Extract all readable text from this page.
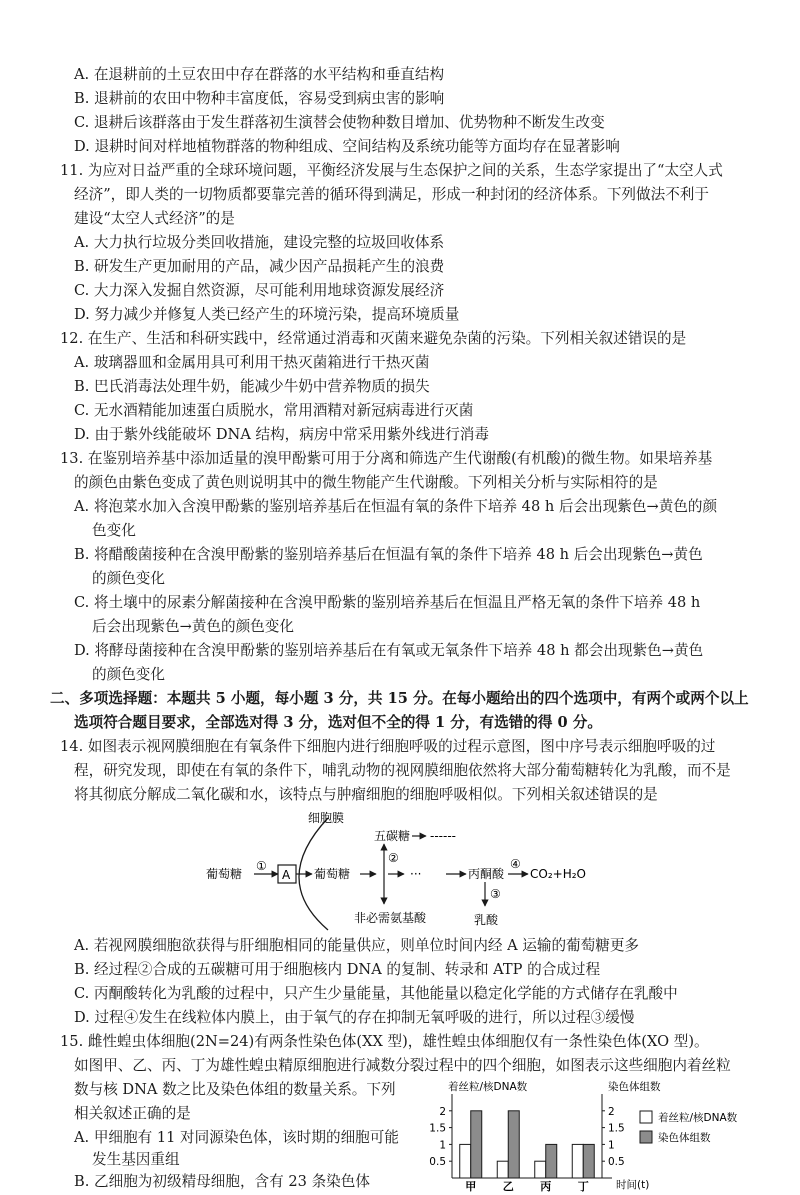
A. 在退耕前的土豆农田中存在群落的水平结构和垂直结构
B. 退耕前的农田中物种丰富度低，容易受到病虫害的影响
C. 退耕后该群落由于发生群落初生演替会使物种数目增加、优势物种不断发生改变
D. 退耕时间对样地植物群落的物种组成、空间结构及系统功能等方面均存在显著影响
11. 为应对日益严重的全球环境问题，平衡经济发展与生态保护之间的关系，生态学家提出了“太空人式
经济”，即人类的一切物质都要靠完善的循环得到满足，形成一种封闭的经济体系。下列做法不利于
建设“太空人式经济”的是
A. 大力执行垃圾分类回收措施，建设完整的垃圾回收体系
B. 研发生产更加耐用的产品，减少因产品损耗产生的浪费
C. 大力深入发掘自然资源，尽可能利用地球资源发展经济
D. 努力减少并修复人类已经产生的环境污染，提高环境质量
12. 在生产、生活和科研实践中，经常通过消毒和灭菌来避免杂菌的污染。下列相关叙述错误的是
A. 玻璃器皿和金属用具可利用干热灭菌箱进行干热灭菌
B. 巴氏消毒法处理牛奶，能减少牛奶中营养物质的损失
C. 无水酒精能加速蛋白质脱水，常用酒精对新冠病毒进行灭菌
D. 由于紫外线能破坏 DNA 结构，病房中常采用紫外线进行消毒
13. 在鉴别培养基中添加适量的溴甲酚紫可用于分离和筛选产生代谢酸(有机酸)的微生物。如果培养基
的颜色由紫色变成了黄色则说明其中的微生物能产生代谢酸。下列相关分析与实际相符的是
A. 将泡菜水加入含溴甲酚紫的鉴别培养基后在恒温有氧的条件下培养 48 h 后会出现紫色→黄色的颜
色变化
B. 将醋酸菌接种在含溴甲酚紫的鉴别培养基后在恒温有氧的条件下培养 48 h 后会出现紫色→黄色
的颜色变化
C. 将土壤中的尿素分解菌接种在含溴甲酚紫的鉴别培养基后在恒温且严格无氧的条件下培养 48 h
后会出现紫色→黄色的颜色变化
D. 将酵母菌接种在含溴甲酚紫的鉴别培养基后在有氧或无氧条件下培养 48 h 都会出现紫色→黄色
的颜色变化
二、多项选择题：本题共 5 小题，每小题 3 分，共 15 分。在每小题给出的四个选项中，有两个或两个以上
选项符合题目要求，全部选对得 3 分，选对但不全的得 1 分，有选错的得 0 分。
14. 如图表示视网膜细胞在有氧条件下细胞内进行细胞呼吸的过程示意图，图中序号表示细胞呼吸的过
程，研究发现，即使在有氧的条件下，哺乳动物的视网膜细胞依然将大部分葡萄糖转化为乳酸，而不是
将其彻底分解成二氧化碳和水，该特点与肿瘤细胞的细胞呼吸相似。下列相关叙述错误的是
细胞膜
葡萄糖
①
A 葡萄糖
五碳糖 ------
②
非必需氨基酸
···	丙酮酸
④
CO₂+H₂O
③
乳酸
A. 若视网膜细胞欲获得与肝细胞相同的能量供应，则单位时间内经 A 运输的葡萄糖更多
B. 经过程②合成的五碳糖可用于细胞核内 DNA 的复制、转录和 ATP 的合成过程
C. 丙酮酸转化为乳酸的过程中，只产生少量能量，其他能量以稳定化学能的方式储存在乳酸中
D. 过程④发生在线粒体内膜上，由于氧气的存在抑制无氧呼吸的进行，所以过程③缓慢
15. 雌性蝗虫体细胞(2N=24)有两条性染色体(XX 型)，雄性蝗虫体细胞仅有一条性染色体(XO 型)。
如图甲、乙、丙、丁为雄性蝗虫精原细胞进行减数分裂过程中的四个细胞，如图表示这些细胞内着丝粒
数与核 DNA 数之比及染色体组的数量关系。下列
相关叙述正确的是
A. 甲细胞有 11 对同源染色体，该时期的细胞可能
发生基因重组
B. 乙细胞为初级精母细胞，含有 23 条染色体
着丝粒/核DNA数	染色体组数
时间(t)
0.5
1
1.5
2
0.5
1
1.5
2
甲 乙 丙 丁
着丝粒/核DNA数
染色体组数
